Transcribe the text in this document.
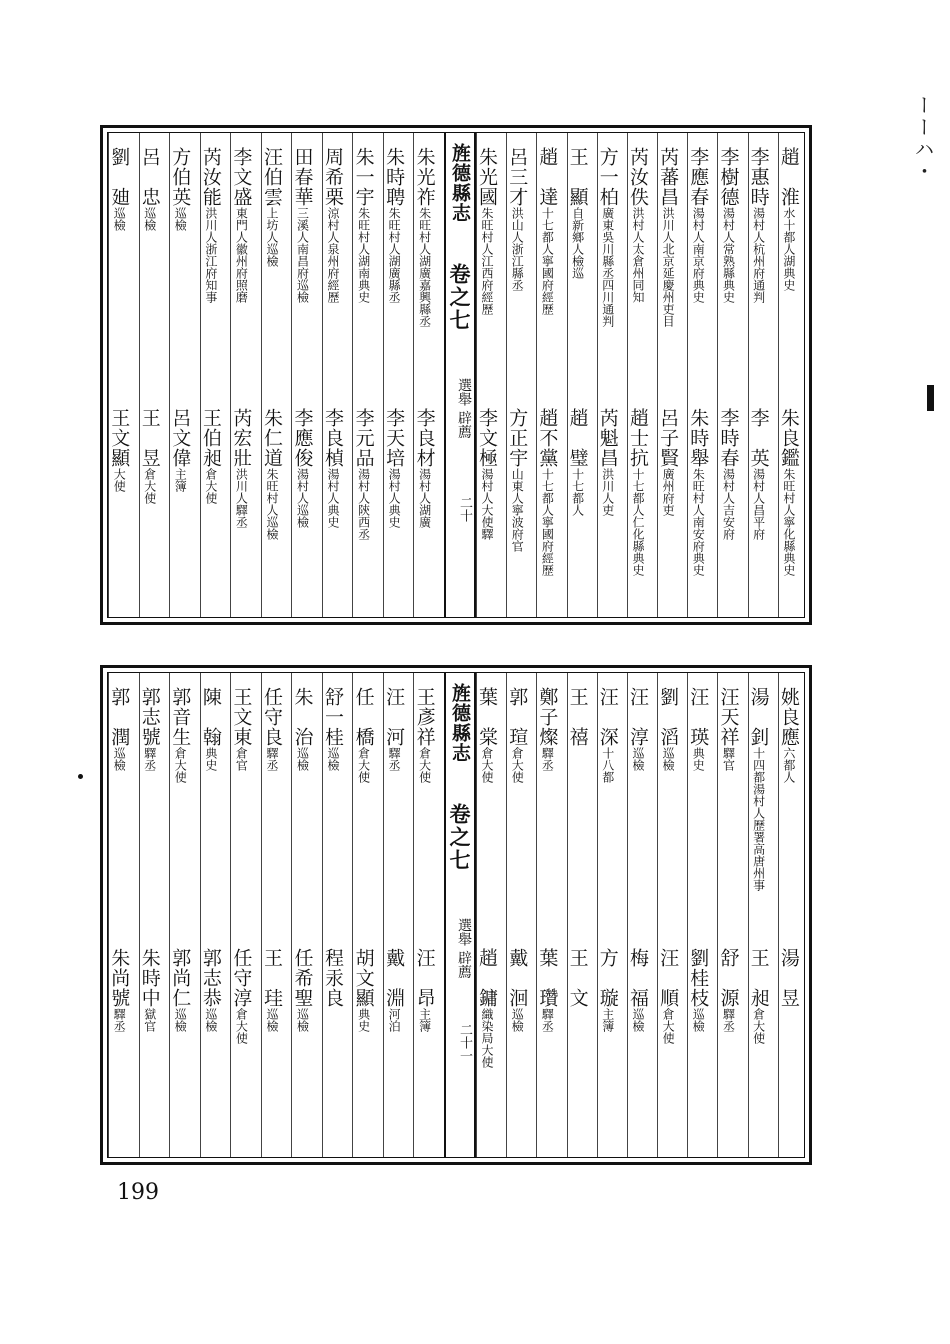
ーーハ・
旌德縣志
卷之七
選舉 辟薦
二十
趙　淮水十都人湖典史
李惠時湯村人杭州府通判
李樹德湯村人常熟縣典史
李應春湯村人南京府典史
芮蕃昌洪川人北京延慶州吏目
芮汝佚洪村人太倉州同知
方一柏廣東吳川縣丞四川通判
王　顯自新鄉人檢巡
趙　達十七都人寧國府經歷
呂三才洪山人浙江縣丞
朱光國朱旺村人江西府經歷
朱光祚朱旺村人湖廣嘉興縣丞
朱時聘朱旺村人湖廣縣丞
朱一宇朱旺村人湖南典史
周希栗涼村人泉州府經歷
田春華三溪人南昌府巡檢
汪伯雲上坊人巡檢
李文盛東門人徽州府照磨
芮汝能洪川人浙江府知事
方伯英巡檢
呂　忠巡檢
劉　廸巡檢
朱良鑑朱旺村人寧化縣典史
李　英湯村人昌平府
李時春湯村人吉安府
朱時舉朱旺村人南安府典史
呂子賢廣州府吏
趙士抗十七都人仁化縣典史
芮魁昌洪川人吏
趙　璧十七都人
趙不黨十七都人寧國府經歷
方正宇山東人寧波府官
李文極湯村人大使驛
李良材湯村人湖廣
李天培湯村人典史
李元品湯村人陝西丞
李良楨湯村人典史
李應俊湯村人巡檢
朱仁道朱旺村人巡檢
芮宏壯洪川人驛丞
王伯昶倉大使
呂文偉主簿
王　昱倉大使
王文顯大使
旌德縣志
卷之七
選舉 辟薦
二十一
姚良應六都人
湯　釗十四都湯村人歷署高唐州事
汪天祥驛官
汪　瑛典史
劉　滔巡檢
汪　淳巡檢
汪　深十八都
王　禧
鄭子燦驛丞
郭　瑄倉大使
葉　棠倉大使
王彥祥倉大使
汪　河驛丞
任　橋倉大使
舒一桂巡檢
朱　治巡檢
任守良驛丞
王文東倉官
陳　翰典史
郭音生倉大使
郭志號驛丞
郭　潤巡檢
湯　昱
王　昶倉大使
舒　源驛丞
劉桂枝巡檢
汪　順倉大使
梅　福巡檢
方　璇主簿
王　文
葉　瓚驛丞
戴　洄巡檢
趙　鏞織染局大使
汪　昂主簿
戴　淵河泊
胡文顯典史
程汞良
任希聖巡檢
王　珪巡檢
任守淳倉大使
郭志恭巡檢
郭尚仁巡檢
朱時中獄官
朱尚號驛丞
199
